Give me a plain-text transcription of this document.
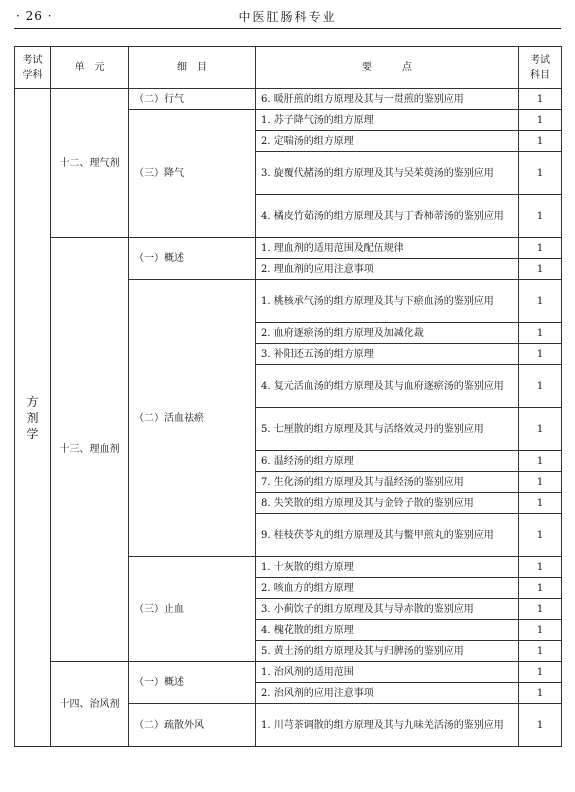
· 26 ·	中医肛肠科专业
考试
学科	单　元	细　目	要　　　点	考试
科目
方
剂
学	十二、理气剂	（二）行气	6. 暖肝煎的组方原理及其与一贯煎的鉴别应用	1
		（三）降气	1. 苏子降气汤的组方原理	1
			2. 定喘汤的组方原理	1
			3. 旋覆代赭汤的组方原理及其与吴茱萸汤的鉴别应用	1
			4. 橘皮竹茹汤的组方原理及其与丁香柿蒂汤的鉴别应用	1
	十三、理血剂	（一）概述	1. 理血剂的适用范围及配伍规律	1
			2. 理血剂的应用注意事项	1
		（二）活血祛瘀	1. 桃核承气汤的组方原理及其与下瘀血汤的鉴别应用	1
			2. 血府逐瘀汤的组方原理及加减化裁	1
			3. 补阳还五汤的组方原理	1
			4. 复元活血汤的组方原理及其与血府逐瘀汤的鉴别应用	1
			5. 七厘散的组方原理及其与活络效灵丹的鉴别应用	1
			6. 温经汤的组方原理	1
			7. 生化汤的组方原理及其与温经汤的鉴别应用	1
			8. 失笑散的组方原理及其与金铃子散的鉴别应用	1
			9. 桂枝茯苓丸的组方原理及其与鳖甲煎丸的鉴别应用	1
		（三）止血	1. 十灰散的组方原理	1
			2. 咳血方的组方原理	1
			3. 小蓟饮子的组方原理及其与导赤散的鉴别应用	1
			4. 槐花散的组方原理	1
			5. 黄土汤的组方原理及其与归脾汤的鉴别应用	1
	十四、治风剂	（一）概述	1. 治风剂的适用范围	1
			2. 治风剂的应用注意事项	1
		（二）疏散外风	1. 川芎茶调散的组方原理及其与九味羌活汤的鉴别应用	1
